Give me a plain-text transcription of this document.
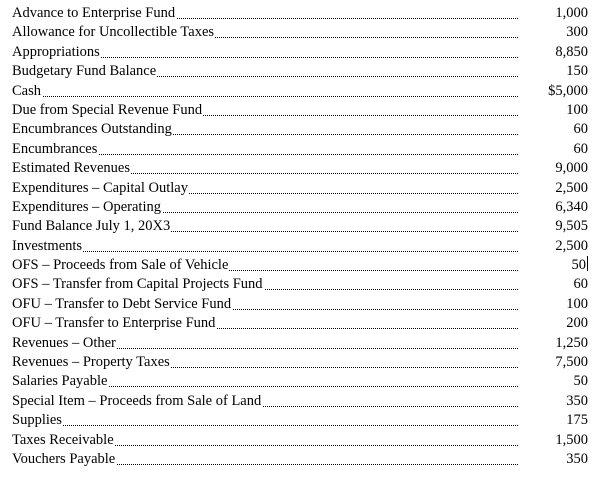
Advance to Enterprise Fund	1,000
Allowance for Uncollectible Taxes	300
Appropriations	8,850
Budgetary Fund Balance	150
Cash	$5,000
Due from Special Revenue Fund	100
Encumbrances Outstanding	60
Encumbrances	60
Estimated Revenues	9,000
Expenditures – Capital Outlay	2,500
Expenditures – Operating	6,340
Fund Balance July 1, 20X3	9,505
Investments	2,500
OFS – Proceeds from Sale of Vehicle	50
OFS – Transfer from Capital Projects Fund	60
OFU – Transfer to Debt Service Fund	100
OFU – Transfer to Enterprise Fund	200
Revenues – Other	1,250
Revenues – Property Taxes	7,500
Salaries Payable	50
Special Item – Proceeds from Sale of Land	350
Supplies	175
Taxes Receivable	1,500
Vouchers Payable	350
